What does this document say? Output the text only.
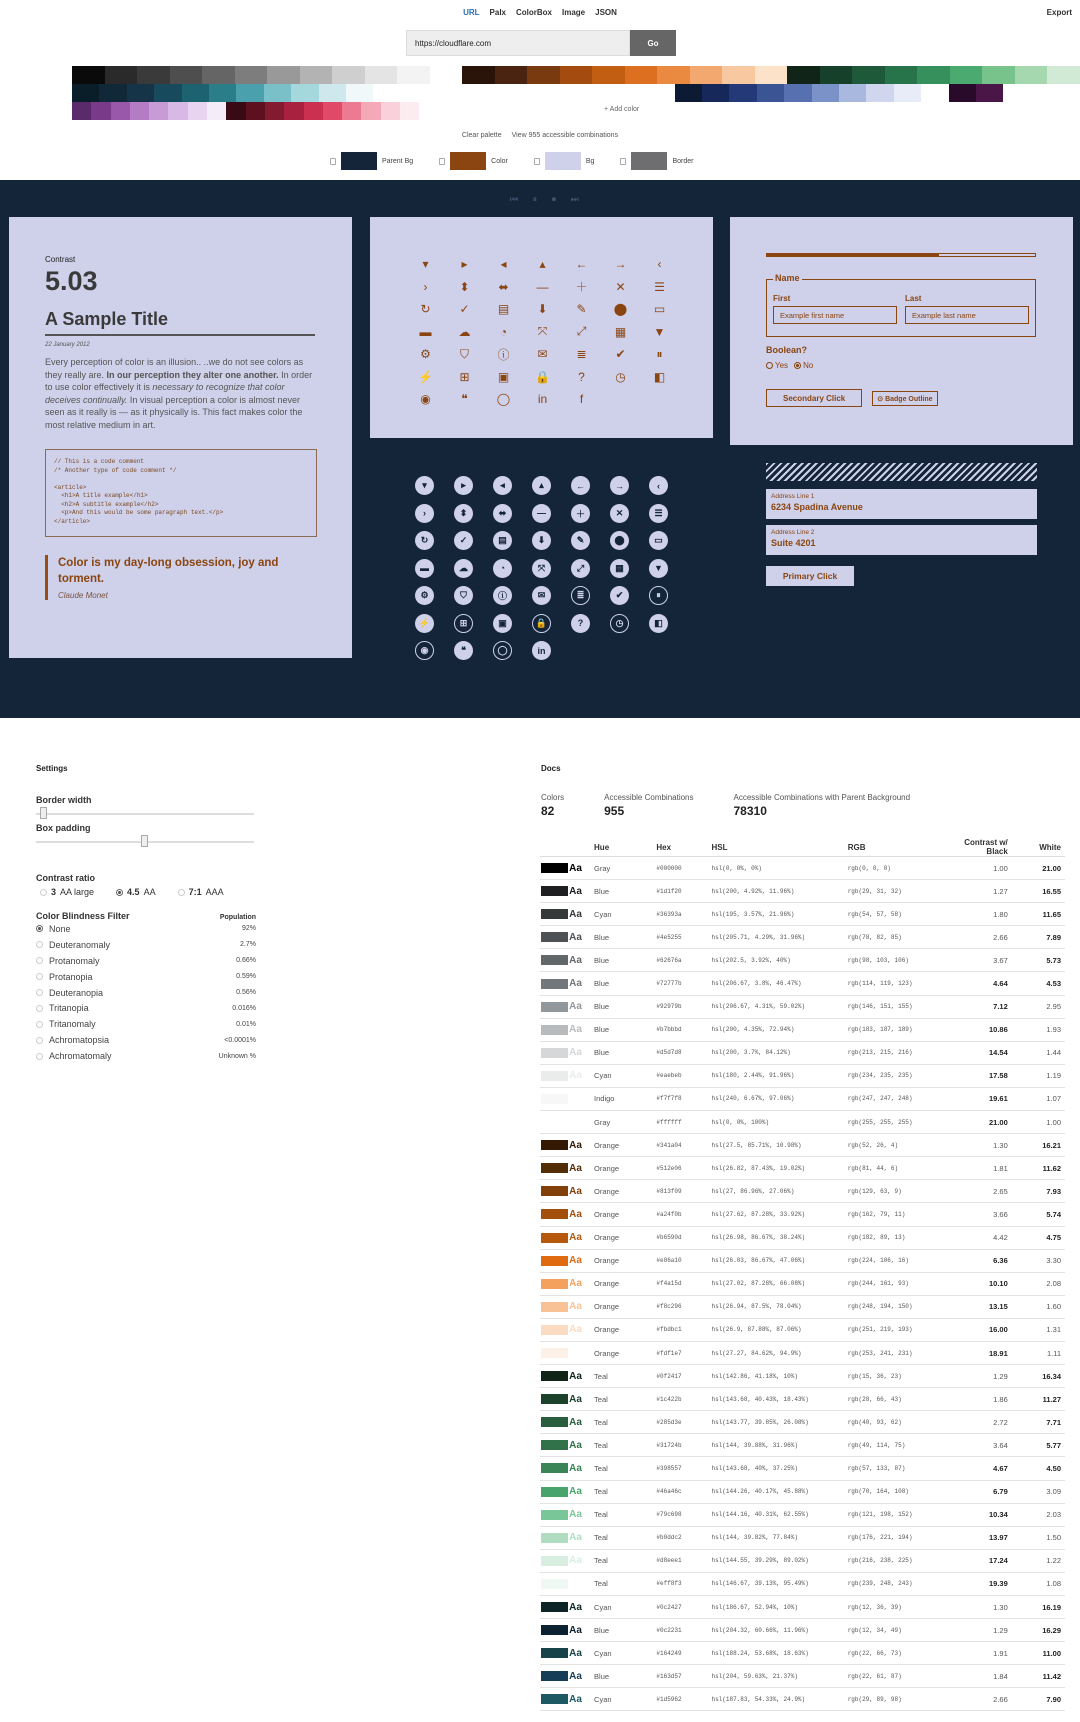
URL Palx ColorBox Image JSON	Export
https://cloudflare.com	Go
+ Add color
Clear palette View 955 accessible combinations
Parent Bg	Color	Bg	Border
⏮ ⏸ ⏺ ⏭
Contrast
5.03
A Sample Title
22 January 2012
Every perception of color is an illusion.. ..we do not see colors as they really are. In our perception they alter one another. In order to use color effectively it is necessary to recognize that color deceives continually. In visual perception a color is almost never seen as it really is — as it physically is. This fact makes color the most relative medium in art.
// This is a code comment
/* Another type of code comment */

<article>
<h1>A title example</h1>
<h2>A subtitle example</h2>
<p>And this would be some paragraph text.</p>
</article>
Color is my day-long obsession, joy and torment.
Claude Monet
▾	▸	◂	▴	←	→	‹
›	⬍	⬌	—	＋	✕	☰
↻	✓	▤	⬇	✎	⬤	▭
▬	☁	◔	⤧	⤢	▦	▼
⚙	⛉	ⓘ	✉	≣	✔	⏸
⚡	⊞	▣	🔒	?	◷	◧
◉	❝	◯	in	f
▾	▸	◂	▴	←	→	‹
›	⬍	⬌	—	＋	✕	☰
↻	✓	▤	⬇	✎	⬤	▭
▬	☁	◔	⤧	⤢	▦	▼
⚙	⛉	ⓘ	✉	≣	✔	⏸
⚡	⊞	▣	🔒	?	◷	◧
◉	❝	◯	in
Name
First
Example first name
Last
Example last name
Boolean?
Yes No
Secondary Click	⊙ Badge Outline
Address Line 1
6234 Spadina Avenue
Address Line 2
Suite 4201
Primary Click
Settings
Border width
Box padding
Contrast ratio
3 AA large	4.5 AA	7:1 AAA
Color Blindness Filter	Population
None	92%
Deuteranomaly	2.7%
Protanomaly	0.66%
Protanopia	0.59%
Deuteranopia	0.56%
Tritanopia	0.016%
Tritanomaly	0.01%
Achromatopsia	<0.0001%
Achromatomaly	Unknown %
Docs
Colors
82
Accessible Combinations
955
Accessible Combinations with Parent Background
78310
		Hue	Hex	HSL	RGB	Contrast w/ Black	White

	Aa	Gray	#000000	hsl(0, 0%, 0%)	rgb(0, 0, 0)	1.00	21.00

	Aa	Blue	#1d1f20	hsl(200, 4.92%, 11.96%)	rgb(29, 31, 32)	1.27	16.55

	Aa	Cyan	#36393a	hsl(195, 3.57%, 21.96%)	rgb(54, 57, 58)	1.80	11.65

	Aa	Blue	#4e5255	hsl(205.71, 4.29%, 31.96%)	rgb(78, 82, 85)	2.66	7.89

	Aa	Blue	#62676a	hsl(202.5, 3.92%, 40%)	rgb(98, 103, 106)	3.67	5.73

	Aa	Blue	#72777b	hsl(206.67, 3.8%, 46.47%)	rgb(114, 119, 123)	4.64	4.53

	Aa	Blue	#92979b	hsl(206.67, 4.31%, 59.02%)	rgb(146, 151, 155)	7.12	2.95

	Aa	Blue	#b7bbbd	hsl(200, 4.35%, 72.94%)	rgb(183, 187, 189)	10.86	1.93

	Aa	Blue	#d5d7d8	hsl(200, 3.7%, 84.12%)	rgb(213, 215, 216)	14.54	1.44

	Aa	Cyan	#eaebeb	hsl(180, 2.44%, 91.96%)	rgb(234, 235, 235)	17.58	1.19

		Indigo	#f7f7f8	hsl(240, 6.67%, 97.06%)	rgb(247, 247, 248)	19.61	1.07

		Gray	#ffffff	hsl(0, 0%, 100%)	rgb(255, 255, 255)	21.00	1.00

	Aa	Orange	#341a04	hsl(27.5, 85.71%, 10.98%)	rgb(52, 26, 4)	1.30	16.21

	Aa	Orange	#512e06	hsl(26.82, 87.43%, 19.02%)	rgb(81, 44, 6)	1.81	11.62

	Aa	Orange	#813f09	hsl(27, 86.96%, 27.06%)	rgb(129, 63, 9)	2.65	7.93

	Aa	Orange	#a24f0b	hsl(27.62, 87.28%, 33.92%)	rgb(162, 79, 11)	3.66	5.74

	Aa	Orange	#b6590d	hsl(26.98, 86.67%, 38.24%)	rgb(182, 89, 13)	4.42	4.75

	Aa	Orange	#e06a10	hsl(26.03, 86.67%, 47.06%)	rgb(224, 106, 16)	6.36	3.30

	Aa	Orange	#f4a15d	hsl(27.02, 87.28%, 66.08%)	rgb(244, 161, 93)	10.10	2.08

	Aa	Orange	#f8c296	hsl(26.94, 87.5%, 78.04%)	rgb(248, 194, 150)	13.15	1.60

	Aa	Orange	#fbdbc1	hsl(26.9, 87.88%, 87.06%)	rgb(251, 219, 193)	16.00	1.31

		Orange	#fdf1e7	hsl(27.27, 84.62%, 94.9%)	rgb(253, 241, 231)	18.91	1.11

	Aa	Teal	#0f2417	hsl(142.86, 41.18%, 10%)	rgb(15, 36, 23)	1.29	16.34

	Aa	Teal	#1c422b	hsl(143.68, 40.43%, 18.43%)	rgb(28, 66, 43)	1.86	11.27

	Aa	Teal	#285d3e	hsl(143.77, 39.85%, 26.08%)	rgb(40, 93, 62)	2.72	7.71

	Aa	Teal	#31724b	hsl(144, 39.88%, 31.96%)	rgb(49, 114, 75)	3.64	5.77

	Aa	Teal	#398557	hsl(143.68, 40%, 37.25%)	rgb(57, 133, 87)	4.67	4.50

	Aa	Teal	#46a46c	hsl(144.26, 40.17%, 45.88%)	rgb(70, 164, 108)	6.79	3.09

	Aa	Teal	#79c698	hsl(144.16, 40.31%, 62.55%)	rgb(121, 198, 152)	10.34	2.03

	Aa	Teal	#b0ddc2	hsl(144, 39.82%, 77.84%)	rgb(176, 221, 194)	13.97	1.50

	Aa	Teal	#d8eee1	hsl(144.55, 39.29%, 89.02%)	rgb(216, 238, 225)	17.24	1.22

		Teal	#eff8f3	hsl(146.67, 39.13%, 95.49%)	rgb(239, 248, 243)	19.39	1.08

	Aa	Cyan	#0c2427	hsl(186.67, 52.94%, 10%)	rgb(12, 36, 39)	1.30	16.19

	Aa	Blue	#0c2231	hsl(204.32, 60.66%, 11.96%)	rgb(12, 34, 49)	1.29	16.29

	Aa	Cyan	#164249	hsl(188.24, 53.68%, 18.63%)	rgb(22, 66, 73)	1.91	11.00

	Aa	Blue	#163d57	hsl(204, 59.63%, 21.37%)	rgb(22, 61, 87)	1.84	11.42

	Aa	Cyan	#1d5962	hsl(187.83, 54.33%, 24.9%)	rgb(29, 89, 98)	2.66	7.90
